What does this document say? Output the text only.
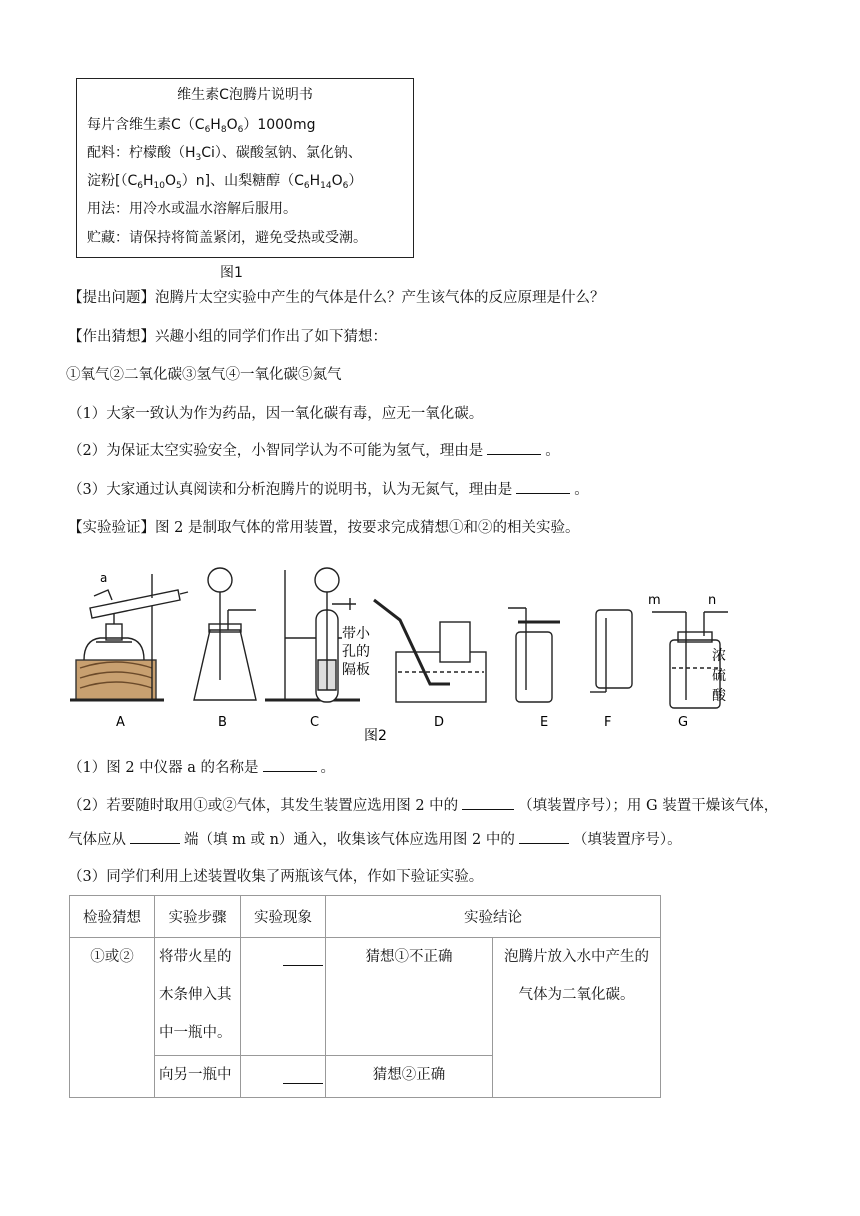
维生素C泡腾片说明书
每片含维生素$C(C_6H_8O_6)1000mg$
配料：柠檬酸$(H_3Ci)$、碳酸氢钠、氯化钠、
淀粉$[(C_6H_{10}O_5)n]$、山梨糖醇$(C_6H_{14}O_6)$
用法：用冷水或温水溶解后服用。
贮藏：请保持将简盖紧闭，避免受热或受潮。
图1
【提出问题】泡腾片太空实验中产生的气体是什么？产生该气体的反应原理是什么？
【作出猜想】兴趣小组的同学们作出了如下猜想：
①氧气②二氧化碳③氢气④一氧化碳⑤氮气
（1）大家一致认为作为药品，因一氧化碳有毒，应无一氧化碳。
（2）为保证太空实验安全，小智同学认为不可能为氢气，理由是	。
（3）大家通过认真阅读和分析泡腾片的说明书，认为无氮气，理由是	。
【实验验证】图 2 是制取气体的常用装置，按要求完成猜想①和②的相关实验。
a
带小
孔的
隔板
m	n
浓
硫
酸
A	B	C	D	E	F	G
图2
（1）图 2 中仪器 a 的名称是	。
（2）若要随时取用①或②气体，其发生装置应选用图 2 中的	（填装置序号）；用 G 装置干燥该气体，
气体应从	端（填 m 或 n）通入，收集该气体应选用图 2 中的	（填装置序号）。
（3）同学们利用上述装置收集了两瓶该气体，作如下验证实验。
检验猜想	实验步骤	实验现象	实验结论	

①或②	将带火星的
木条伸入其
中一瓶中。		猜想①不正确	泡腾片放入水中产生的
气体为二氧化碳。

	向另一瓶中		猜想②正确	
